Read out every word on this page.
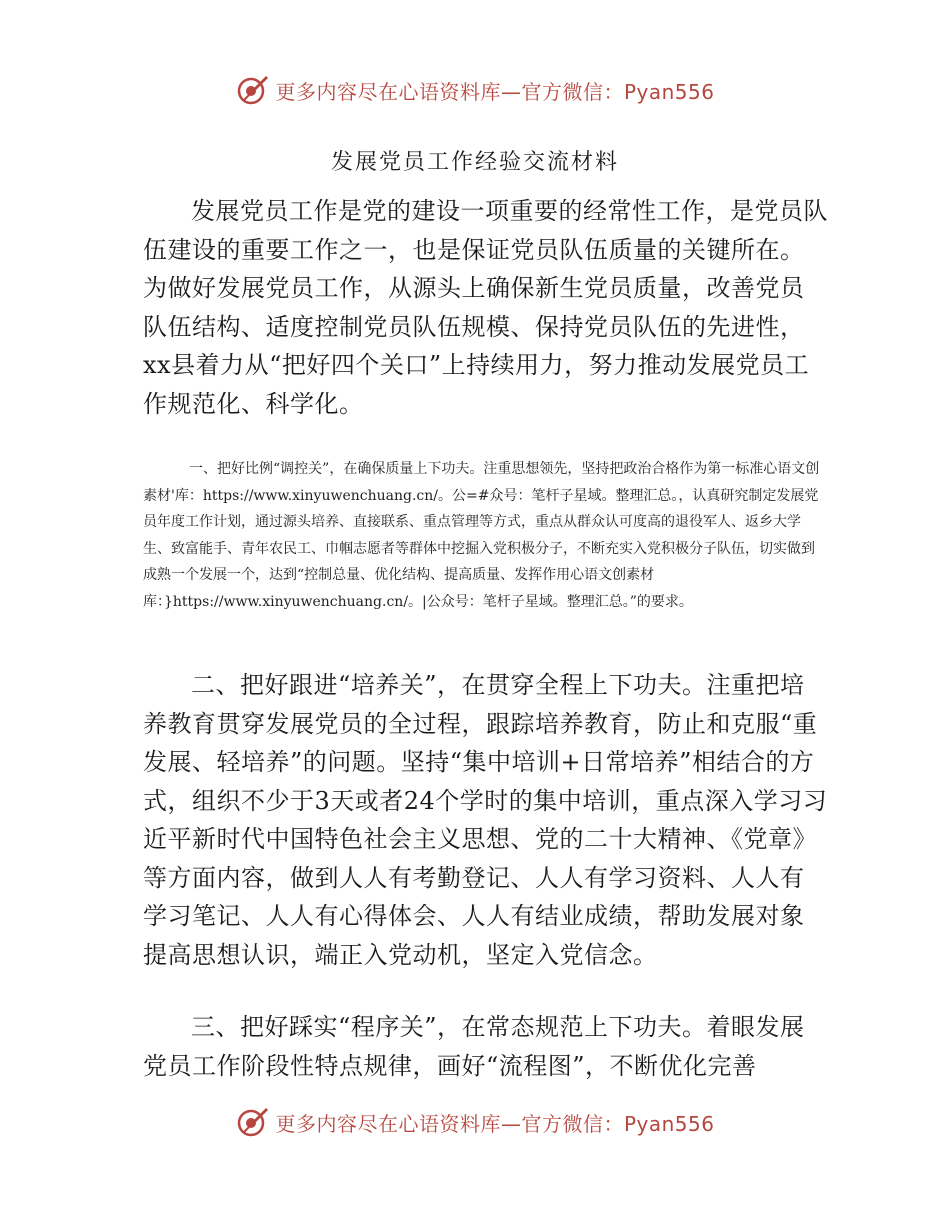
更多内容尽在心语资料库—官方微信：Pyan556
发展党员工作经验交流材料

发展党员工作是党的建设一项重要的经常性工作，是党员队伍建设的重要工作之一，也是保证党员队伍质量的关键所在。为做好发展党员工作，从源头上确保新生党员质量，改善党员队伍结构、适度控制党员队伍规模、保持党员队伍的先进性，xx县着力从“把好四个关口”上持续用力，努力推动发展党员工作规范化、科学化。

一、把好比例“调控关”，在确保质量上下功夫。注重思想领先，坚持把政治合格作为第一标准心语文创素材'库：https://www.xinyuwenchuang.cn/。公=#众号：笔杆子星域。整理汇总。，认真研究制定发展党员年度工作计划，通过源头培养、直接联系、重点管理等方式，重点从群众认可度高的退役军人、返乡大学生、致富能手、青年农民工、巾帼志愿者等群体中挖掘入党积极分子，不断充实入党积极分子队伍，切实做到成熟一个发展一个，达到“控制总量、优化结构、提高质量、发挥作用心语文创素材库：}https://www.xinyuwenchuang.cn/。|公众号：笔杆子星域。整理汇总。”的要求。

二、把好跟进“培养关”，在贯穿全程上下功夫。注重把培养教育贯穿发展党员的全过程，跟踪培养教育，防止和克服“重发展、轻培养”的问题。坚持“集中培训+日常培养”相结合的方式，组织不少于3天或者24个学时的集中培训，重点深入学习习近平新时代中国特色社会主义思想、党的二十大精神、《党章》等方面内容，做到人人有考勤登记、人人有学习资料、人人有学习笔记、人人有心得体会、人人有结业成绩，帮助发展对象提高思想认识，端正入党动机，坚定入党信念。

三、把好踩实“程序关”，在常态规范上下功夫。着眼发展党员工作阶段性特点规律，画好“流程图”，不断优化完善

更多内容尽在心语资料库—官方微信：Pyan556
